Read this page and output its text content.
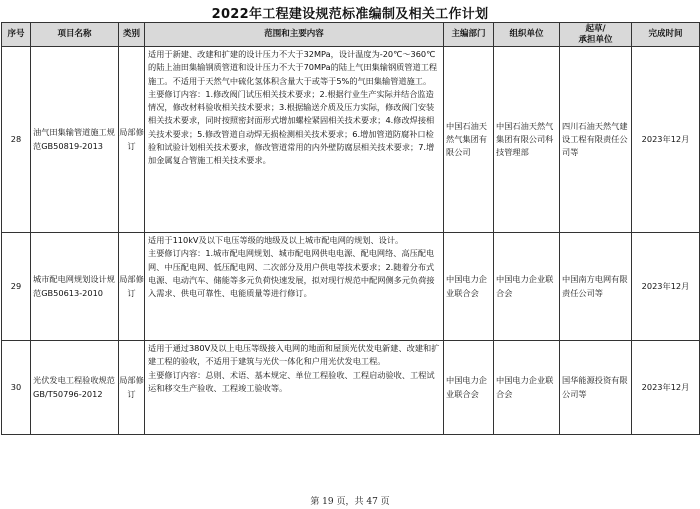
2022年工程建设规范标准编制及相关工作计划
序号	项目名称	类别	范围和主要内容	主编部门	组织单位	起草/
承担单位	完成时间
28	油气田集输管道施工规范GB50819-2013	局部修订	适用于新建、改建和扩建的设计压力不大于32MPa，设计温度为-20℃～360℃的陆上油田集输钢质管道和设计压力不大于70MPa的陆上气田集输钢质管道工程施工。不适用于天然气中硫化氢体积含量大于或等于5%的气田集输管道施工。
主要修订内容：1.修改阀门试压相关技术要求；2.根据行业生产实际并结合监造情况，修改材料验收相关技术要求；3.根据输送介质及压力实际，修改阀门安装相关技术要求，同时按照密封面形式增加螺栓紧固相关技术要求；4.修改焊接相关技术要求；5.修改管道自动焊无损检测相关技术要求；6.增加管道防腐补口检验和试验计划相关技术要求，修改管道常用的内外壁防腐层相关技术要求；7.增加金属复合管施工相关技术要求。	中国石油天然气集团有限公司	中国石油天然气集团有限公司科技管理部	四川石油天然气建设工程有限责任公司等	2023年12月
29	城市配电网规划设计规范GB50613-2010	局部修订	适用于110kV及以下电压等级的地级及以上城市配电网的规划、设计。
主要修订内容：1.城市配电网规划、城市配电网供电电源、配电网络、高压配电网、中压配电网、低压配电网、二次部分及用户供电等技术要求；2.随着分布式电源、电动汽车、储能等多元负荷快速发展，拟对现行规范中配网侧多元负荷接入需求、供电可靠性、电能质量等进行修订。	中国电力企业联合会	中国电力企业联合会	中国南方电网有限责任公司等	2023年12月
30	光伏发电工程验收规范GB/T50796-2012	局部修订	适用于通过380V及以上电压等级接入电网的地面和屋顶光伏发电新建、改建和扩建工程的验收，不适用于建筑与光伏一体化和户用光伏发电工程。
主要修订内容：总则、术语、基本规定、单位工程验收、工程启动验收、工程试运和移交生产验收、工程竣工验收等。	中国电力企业联合会	中国电力企业联合会	国华能源投资有限公司等	2023年12月
第 19 页，共 47 页
